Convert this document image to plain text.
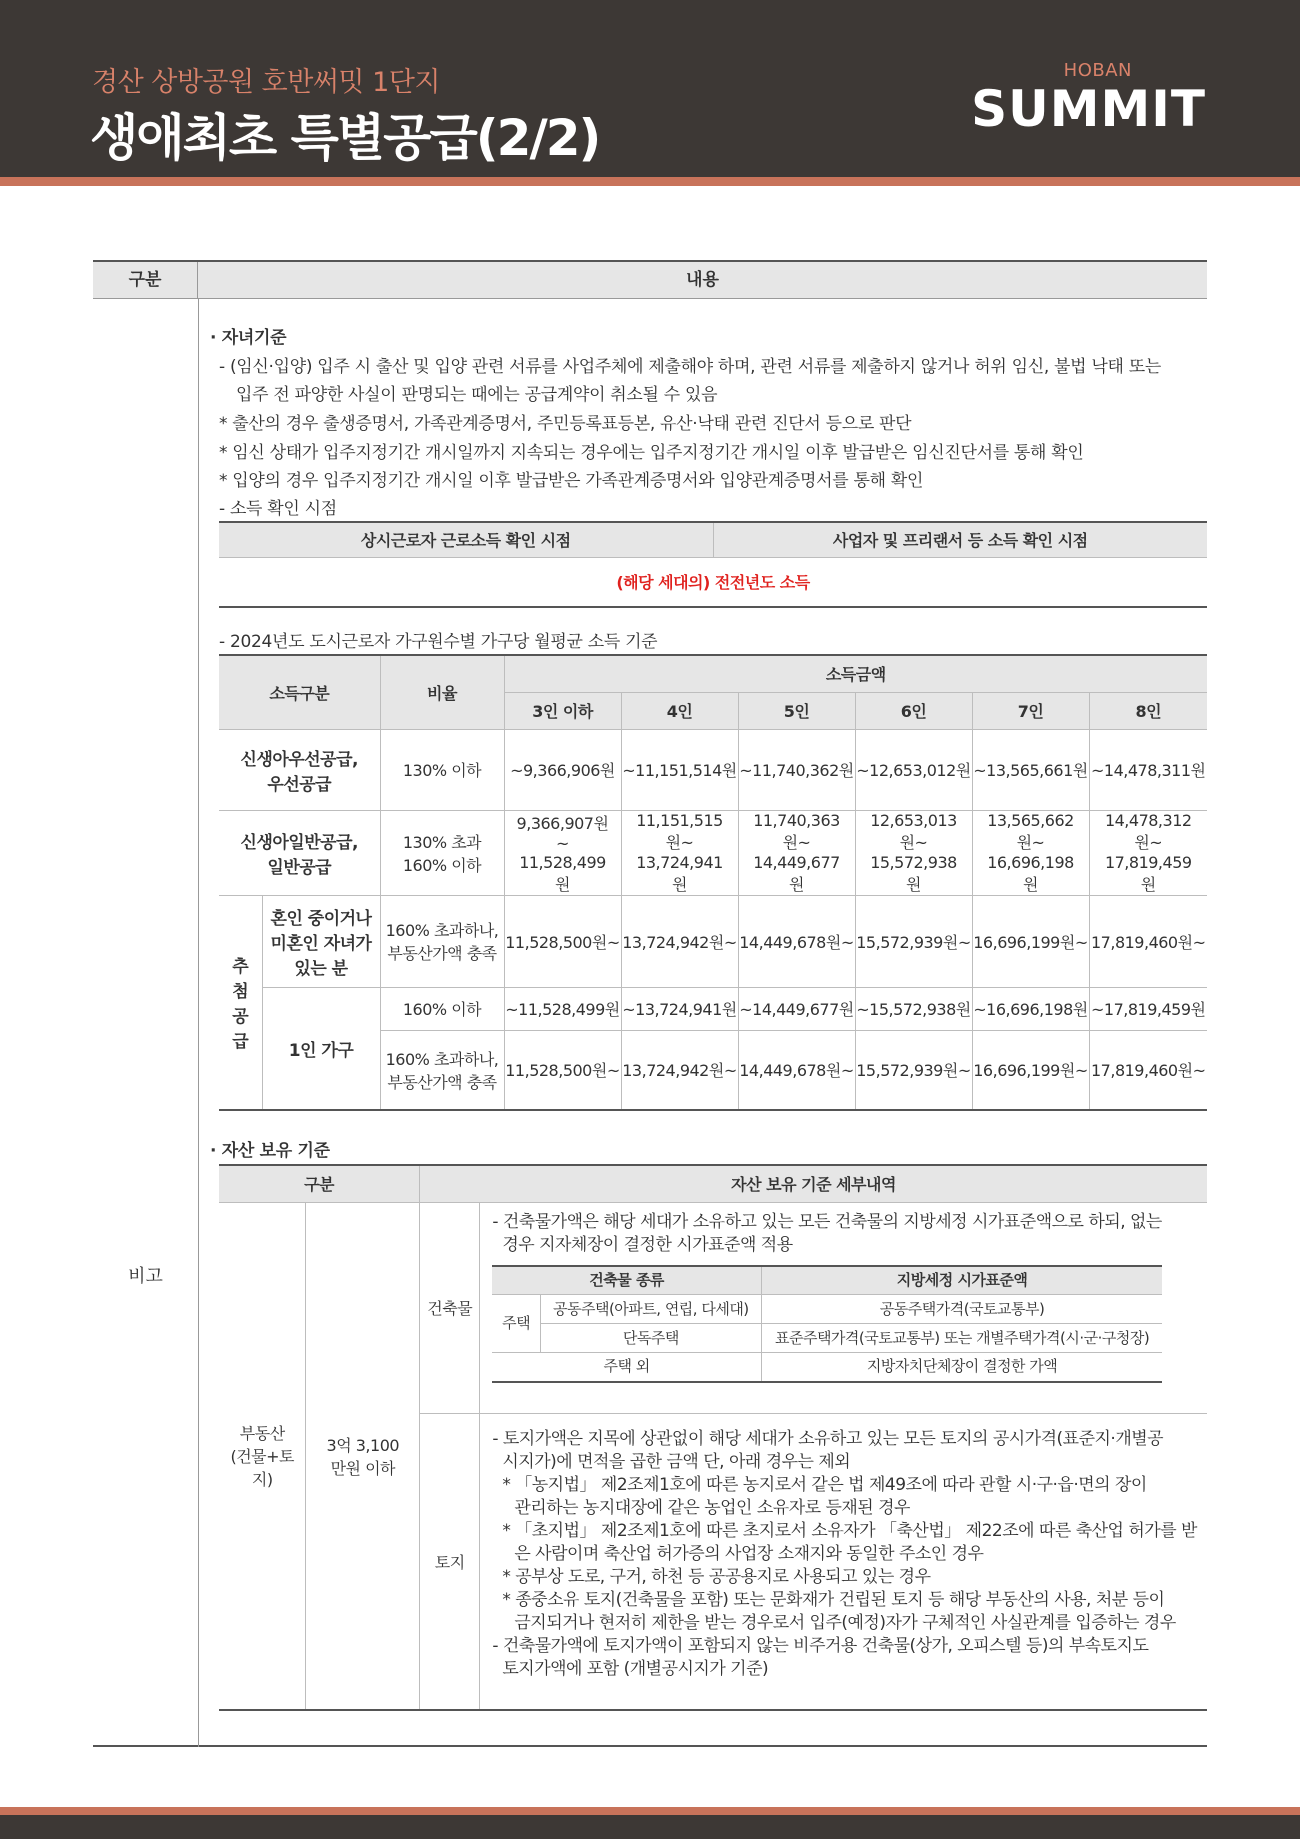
경산 상방공원 호반써밋 1단지
생애최초 특별공급(2/2)
HOBAN
SUMMIT
구분	내용
비고
· 자녀기준
- (임신·입양) 입주 시 출산 및 입양 관련 서류를 사업주체에 제출해야 하며, 관련 서류를 제출하지 않거나 허위 임신, 불법 낙태 또는
입주 전 파양한 사실이 판명되는 때에는 공급계약이 취소될 수 있음
* 출산의 경우 출생증명서, 가족관계증명서, 주민등록표등본, 유산·낙태 관련 진단서 등으로 판단
* 임신 상태가 입주지정기간 개시일까지 지속되는 경우에는 입주지정기간 개시일 이후 발급받은 임신진단서를 통해 확인
* 입양의 경우 입주지정기간 개시일 이후 발급받은 가족관계증명서와 입양관계증명서를 통해 확인
- 소득 확인 시점
상시근로자 근로소득 확인 시점	사업자 및 프리랜서 등 소득 확인 시점
(해당 세대의) 전전년도 소득
- 2024년도 도시근로자 가구원수별 가구당 월평균 소득 기준
소득구분		비율	소득금액					
			3인 이하	4인	5인	6인	7인	8인
신생아우선공급, 우선공급		130% 이하	~9,366,906원	~11,151,514원	~11,740,362원	~12,653,012원	~13,565,661원	~14,478,311원
신생아일반공급, 일반공급		130% 초과 160% 이하	9,366,907원~ 11,528,499원	11,151,515원~ 13,724,941원	11,740,363원~ 14,449,677원	12,653,013원~ 15,572,938원	13,565,662원~ 16,696,198원	14,478,312원~ 17,819,459원
추첨 공급	혼인 중이거나 미혼인 자녀가 있는 분	160% 초과하나, 부동산가액 충족	11,528,500원~	13,724,942원~	14,449,678원~	15,572,939원~	16,696,199원~	17,819,460원~
	1인 가구	160% 이하	~11,528,499원	~13,724,941원	~14,449,677원	~15,572,938원	~16,696,198원	~17,819,459원
		160% 초과하나, 부동산가액 충족	11,528,500원~	13,724,942원~	14,449,678원~	15,572,939원~	16,696,199원~	17,819,460원~
· 자산 보유 기준
구분	자산 보유 기준 세부내역
부동산 (건물+토지)	3억 3,100만원 이하	건축물	

- 건축물가액은 해당 세대가 소유하고 있는 모든 건축물의 지방세정 시가표준액으로 하되, 없는

경우 지자체장이 결정한 시가표준액 적용

건축물 종류	지방세정 시가표준액
주택	공동주택(아파트, 연립, 다세대)	공동주택가격(국토교통부)
단독주택	표준주택가격(국토교통부) 또는 개별주택가격(시·군·구청장)
주택 외	지방자치단체장이 결정한 가액

토지	

- 토지가액은 지목에 상관없이 해당 세대가 소유하고 있는 모든 토지의 공시가격(표준지·개별공

시지가)에 면적을 곱한 금액 단, 아래 경우는 제외

* 「농지법」 제2조제1호에 따른 농지로서 같은 법 제49조에 따라 관할 시·구·읍·면의 장이

관리하는 농지대장에 같은 농업인 소유자로 등재된 경우

* 「초지법」 제2조제1호에 따른 초지로서 소유자가 「축산법」 제22조에 따른 축산업 허가를 받

은 사람이며 축산업 허가증의 사업장 소재지와 동일한 주소인 경우

* 공부상 도로, 구거, 하천 등 공공용지로 사용되고 있는 경우

* 종중소유 토지(건축물을 포함) 또는 문화재가 건립된 토지 등 해당 부동산의 사용, 처분 등이

금지되거나 현저히 제한을 받는 경우로서 입주(예정)자가 구체적인 사실관계를 입증하는 경우

- 건축물가액에 토지가액이 포함되지 않는 비주거용 건축물(상가, 오피스텔 등)의 부속토지도

토지가액에 포함 (개별공시지가 기준)
